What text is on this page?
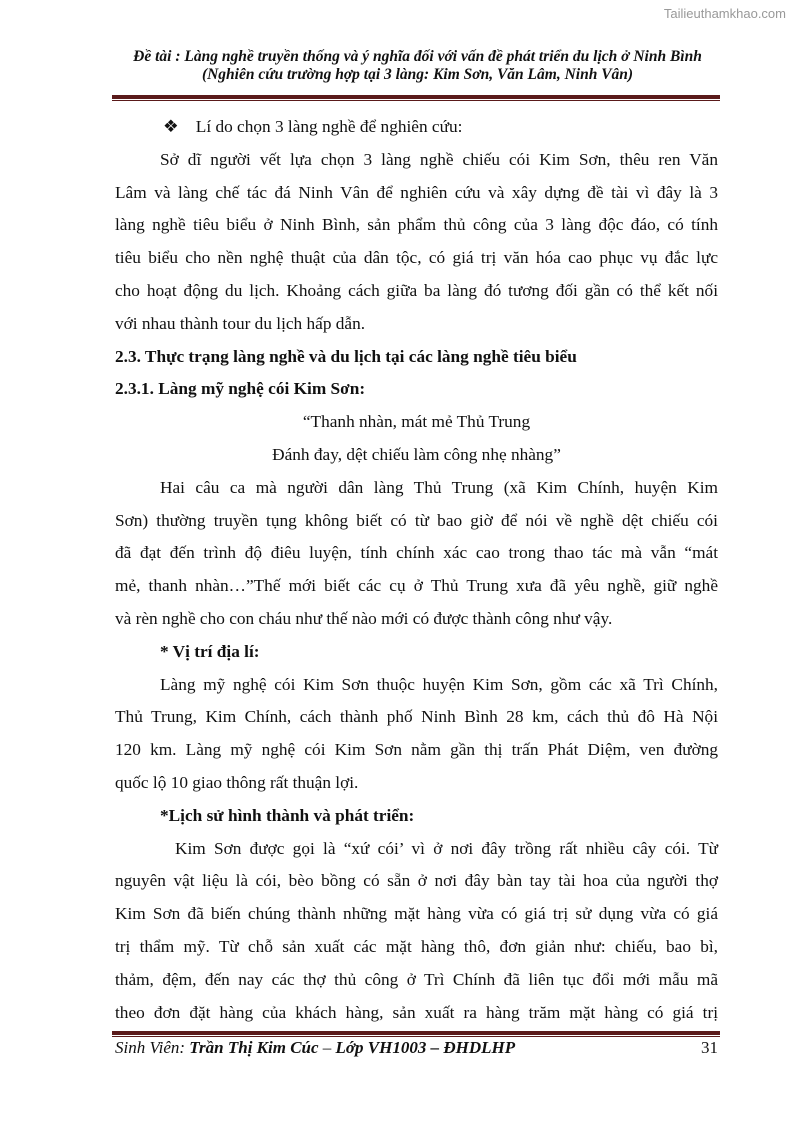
Tailieuthamkhao.com
Đề tài : Làng nghề truyền thống và ý nghĩa đối với vấn đề phát triển du lịch ở Ninh Bình
(Nghiên cứu trường hợp tại 3 làng: Kim Sơn, Văn Lâm, Ninh Vân)
❖ Lí do chọn 3 làng nghề để nghiên cứu:
Sở dĩ người vết lựa chọn 3 làng nghề chiếu cói Kim Sơn, thêu ren Văn
Lâm và làng chế tác đá Ninh Vân để nghiên cứu và xây dựng đề tài vì đây là 3
làng nghề tiêu biểu ở Ninh Bình, sản phẩm thủ công của 3 làng độc đáo, có tính
tiêu biểu cho nền nghệ thuật của dân tộc, có giá trị văn hóa cao phục vụ đắc lực
cho hoạt động du lịch. Khoảng cách giữa ba làng đó tương đối gần có thể kết nối
với nhau thành tour du lịch hấp dẫn.
2.3. Thực trạng làng nghề và du lịch tại các làng nghề tiêu biểu
2.3.1. Làng mỹ nghệ cói Kim Sơn:
“Thanh nhàn, mát mẻ Thủ Trung
Đánh đay, dệt chiếu làm công nhẹ nhàng”
Hai câu ca mà người dân làng Thủ Trung (xã Kim Chính, huyện Kim
Sơn) thường truyền tụng không biết có từ bao giờ để nói về nghề dệt chiếu cói
đã đạt đến trình độ điêu luyện, tính chính xác cao trong thao tác mà vẫn “mát
mẻ, thanh nhàn…”Thế mới biết các cụ ở Thủ Trung xưa đã yêu nghề, giữ nghề
và rèn nghề cho con cháu như thế nào mới có được thành công như vậy.
* Vị trí địa lí:
Làng mỹ nghệ cói Kim Sơn thuộc huyện Kim Sơn, gồm các xã Trì Chính,
Thủ Trung, Kim Chính, cách thành phố Ninh Bình 28 km, cách thủ đô Hà Nội
120 km. Làng mỹ nghệ cói Kim Sơn nằm gần thị trấn Phát Diệm, ven đường
quốc lộ 10 giao thông rất thuận lợi.
*Lịch sử hình thành và phát triển:
Kim Sơn được gọi là “xứ cói’ vì ở nơi đây trồng rất nhiều cây cói. Từ
nguyên vật liệu là cói, bèo bồng có sẵn ở nơi đây bàn tay tài hoa của người thợ
Kim Sơn đã biến chúng thành những mặt hàng vừa có giá trị sử dụng vừa có giá
trị thẩm mỹ. Từ chỗ sản xuất các mặt hàng thô, đơn giản như: chiếu, bao bì,
thảm, đệm, đến nay các thợ thủ công ở Trì Chính đã liên tục đổi mới mẫu mã
theo đơn đặt hàng của khách hàng, sản xuất ra hàng trăm mặt hàng có giá trị
Sinh Viên: Trần Thị Kim Cúc – Lớp VH1003 – ĐHDLHP	31
